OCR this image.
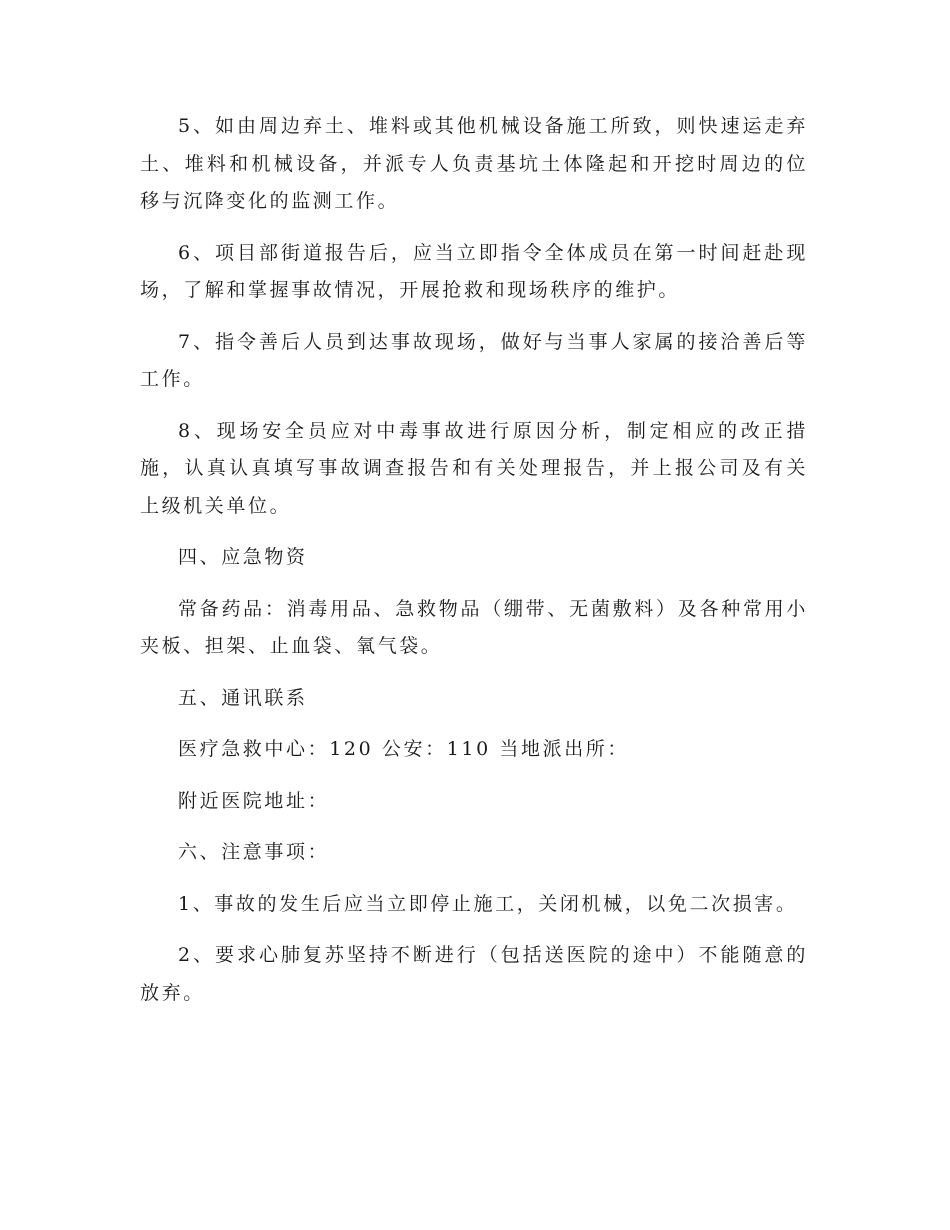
5、如由周边弃土、堆料或其他机械设备施工所致，则快速运走弃土、堆料和机械设备，并派专人负责基坑土体隆起和开挖时周边的位移与沉降变化的监测工作。

6、项目部街道报告后，应当立即指令全体成员在第一时间赶赴现场，了解和掌握事故情况，开展抢救和现场秩序的维护。

7、指令善后人员到达事故现场，做好与当事人家属的接洽善后等工作。

8、现场安全员应对中毒事故进行原因分析，制定相应的改正措施，认真认真填写事故调查报告和有关处理报告，并上报公司及有关上级机关单位。

四、应急物资

常备药品：消毒用品、急救物品（绷带、无菌敷料）及各种常用小夹板、担架、止血袋、氧气袋。

五、通讯联系

医疗急救中心：120 公安：110 当地派出所：

附近医院地址：

六、注意事项：

1、事故的发生后应当立即停止施工，关闭机械，以免二次损害。

2、要求心肺复苏坚持不断进行（包括送医院的途中）不能随意的放弃。
